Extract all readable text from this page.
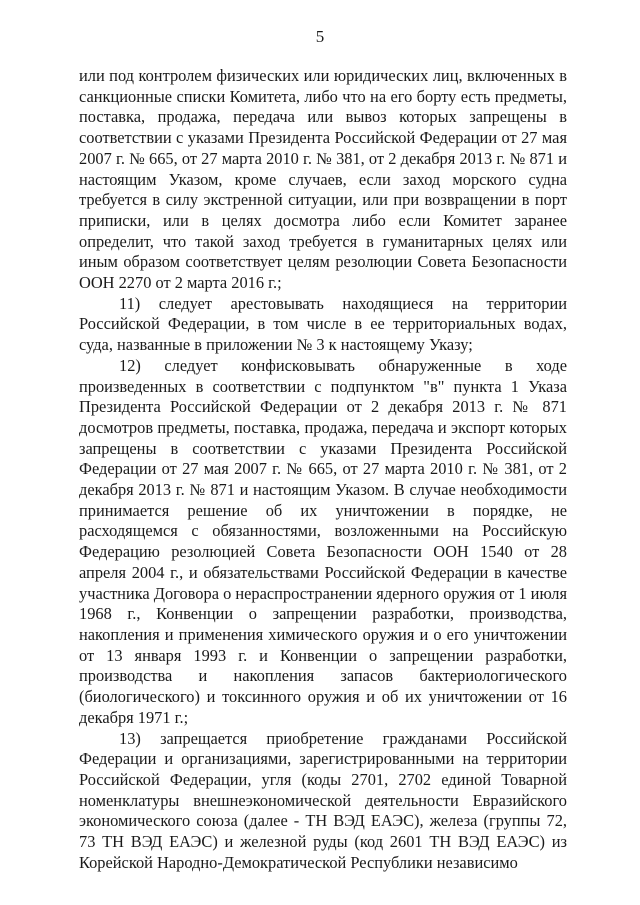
5

или под контролем физических или юридических лиц, включенных в санкционные списки Комитета, либо что на его борту есть предметы, поставка, продажа, передача или вывоз которых запрещены в соответствии с указами Президента Российской Федерации от 27 мая 2007 г. № 665, от 27 марта 2010 г. № 381, от 2 декабря 2013 г. № 871 и настоящим Указом, кроме случаев, если заход морского судна требуется в силу экстренной ситуации, или при возвращении в порт приписки, или в целях досмотра либо если Комитет заранее определит, что такой заход требуется в гуманитарных целях или иным образом соответствует целям резолюции Совета Безопасности ООН 2270 от 2 марта 2016 г.;

11) следует арестовывать находящиеся на территории Российской Федерации, в том числе в ее территориальных водах, суда, названные в приложении № 3 к настоящему Указу;

12) следует конфисковывать обнаруженные в ходе произведенных в соответствии с подпунктом "в" пункта 1 Указа Президента Российской Федерации от 2 декабря 2013 г. № 871 досмотров предметы, поставка, продажа, передача и экспорт которых запрещены в соответствии с указами Президента Российской Федерации от 27 мая 2007 г. № 665, от 27 марта 2010 г. № 381, от 2 декабря 2013 г. № 871 и настоящим Указом. В случае необходимости принимается решение об их уничтожении в порядке, не расходящемся с обязанностями, возложенными на Российскую Федерацию резолюцией Совета Безопасности ООН 1540 от 28 апреля 2004 г., и обязательствами Российской Федерации в качестве участника Договора о нераспространении ядерного оружия от 1 июля 1968 г., Конвенции о запрещении разработки, производства, накопления и применения химического оружия и о его уничтожении от 13 января 1993 г. и Конвенции о запрещении разработки, производства и накопления запасов бактериологического (биологического) и токсинного оружия и об их уничтожении от 16 декабря 1971 г.;

13) запрещается приобретение гражданами Российской Федерации и организациями, зарегистрированными на территории Российской Федерации, угля (коды 2701, 2702 единой Товарной номенклатуры внешнеэкономической деятельности Евразийского экономического союза (далее - ТН ВЭД ЕАЭС), железа (группы 72, 73 ТН ВЭД ЕАЭС) и железной руды (код 2601 ТН ВЭД ЕАЭС) из Корейской Народно-Демократической Республики независимо
